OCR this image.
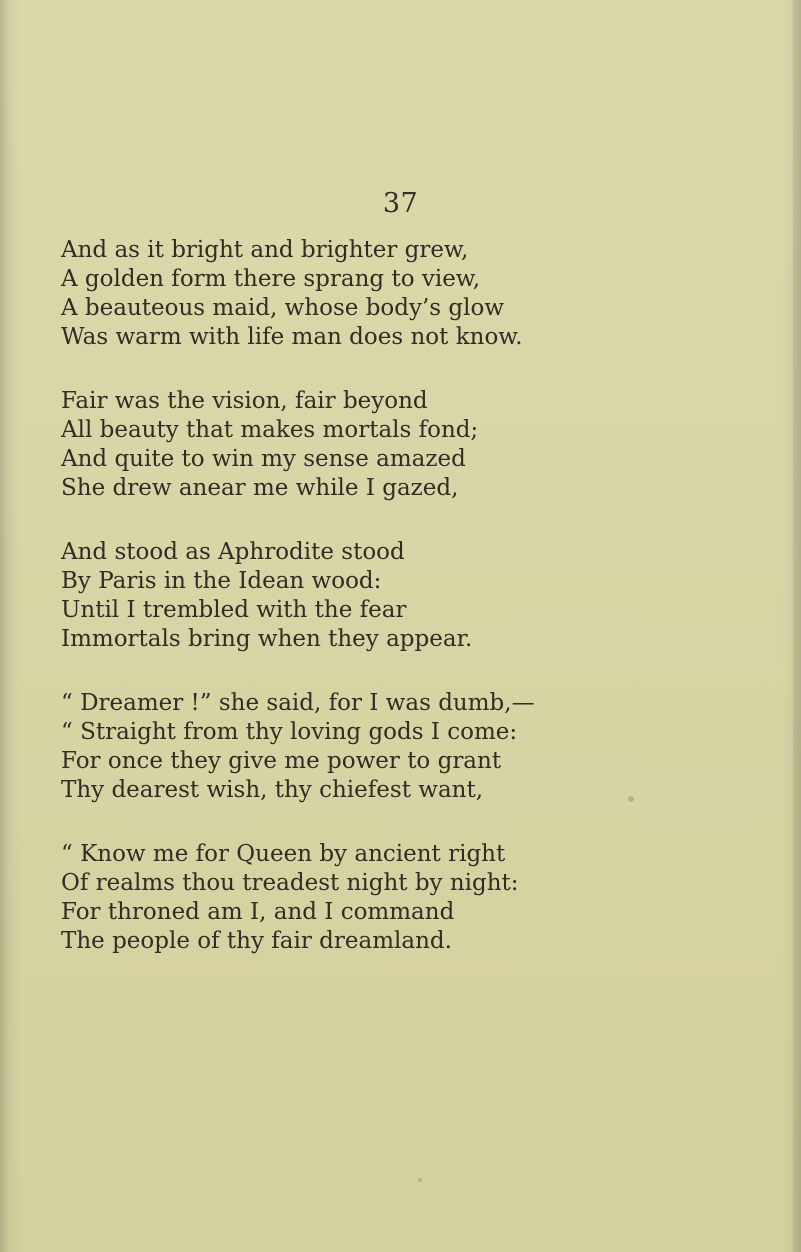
37
And as it bright and brighter grew,
A golden form there sprang to view,
A beauteous maid, whose body’s glow
Was warm with life man does not know.
Fair was the vision, fair beyond
All beauty that makes mortals fond;
And quite to win my sense amazed
She drew anear me while I gazed,
And stood as Aphrodite stood
By Paris in the Idean wood:
Until I trembled with the fear
Immortals bring when they appear.
“ Dreamer !” she said, for I was dumb,—
“ Straight from thy loving gods I come:
For once they give me power to grant
Thy dearest wish, thy chiefest want,
“ Know me for Queen by ancient right
Of realms thou treadest night by night:
For throned am I, and I command
The people of thy fair dreamland.
